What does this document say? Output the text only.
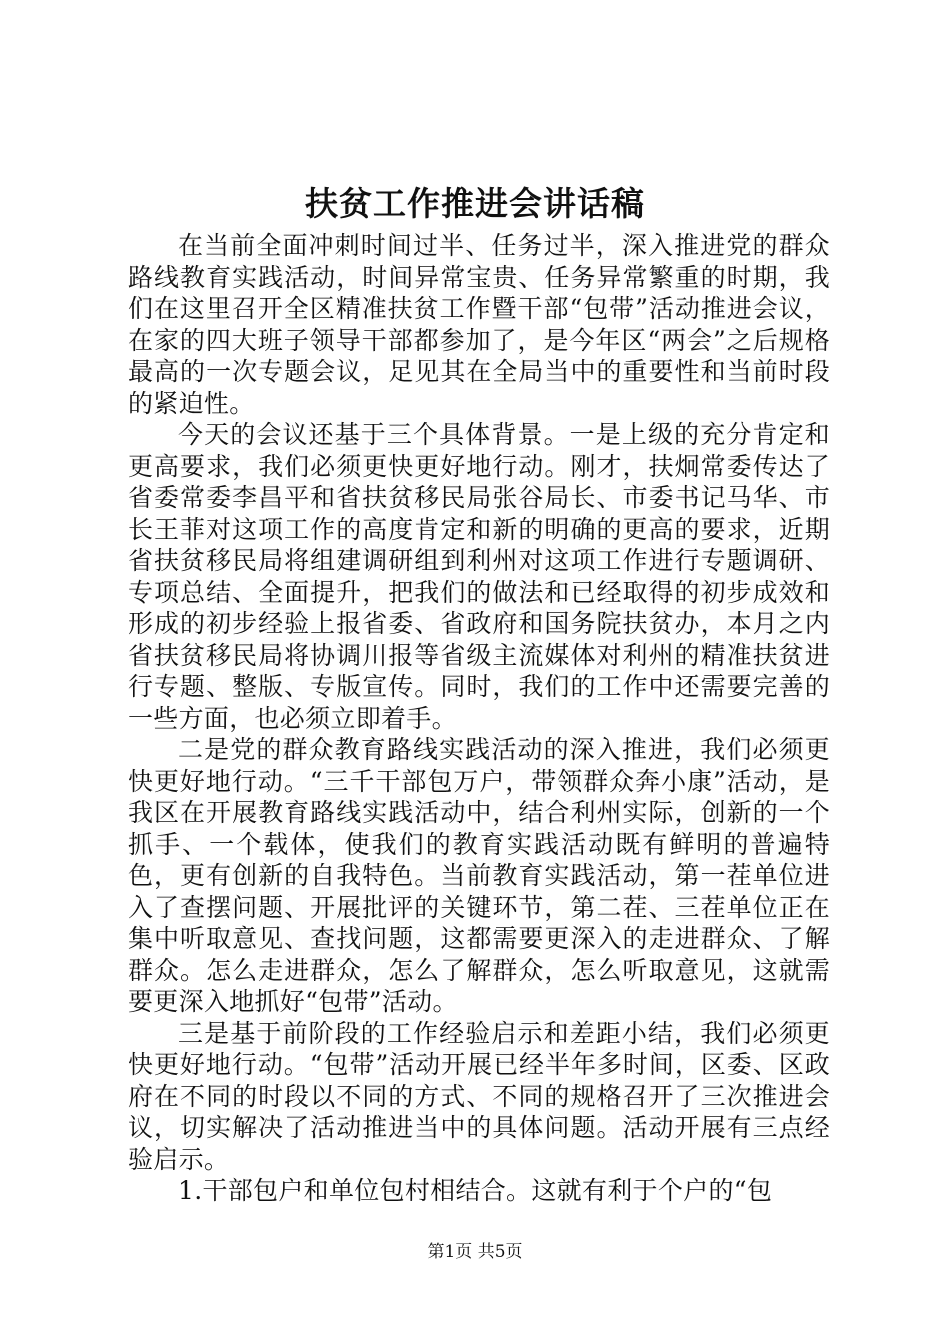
扶贫工作推进会讲话稿

在当前全面冲刺时间过半、任务过半，深入推进党的群众路线教育实践活动，时间异常宝贵、任务异常繁重的时期，我们在这里召开全区精准扶贫工作暨干部“包带”活动推进会议，在家的四大班子领导干部都参加了，是今年区“两会”之后规格最高的一次专题会议，足见其在全局当中的重要性和当前时段的紧迫性。

今天的会议还基于三个具体背景。一是上级的充分肯定和更高要求，我们必须更快更好地行动。刚才，扶炯常委传达了省委常委李昌平和省扶贫移民局张谷局长、市委书记马华、市长王菲对这项工作的高度肯定和新的明确的更高的要求，近期省扶贫移民局将组建调研组到利州对这项工作进行专题调研、专项总结、全面提升，把我们的做法和已经取得的初步成效和形成的初步经验上报省委、省政府和国务院扶贫办，本月之内省扶贫移民局将协调川报等省级主流媒体对利州的精准扶贫进行专题、整版、专版宣传。同时，我们的工作中还需要完善的一些方面，也必须立即着手。

二是党的群众教育路线实践活动的深入推进，我们必须更快更好地行动。“三千干部包万户，带领群众奔小康”活动，是我区在开展教育路线实践活动中，结合利州实际，创新的一个抓手、一个载体，使我们的教育实践活动既有鲜明的普遍特色，更有创新的自我特色。当前教育实践活动，第一茬单位进入了查摆问题、开展批评的关键环节，第二茬、三茬单位正在集中听取意见、查找问题，这都需要更深入的走进群众、了解群众。怎么走进群众，怎么了解群众，怎么听取意见，这就需要更深入地抓好“包带”活动。

三是基于前阶段的工作经验启示和差距小结，我们必须更快更好地行动。“包带”活动开展已经半年多时间，区委、区政府在不同的时段以不同的方式、不同的规格召开了三次推进会议，切实解决了活动推进当中的具体问题。活动开展有三点经验启示。

1.干部包户和单位包村相结合。这就有利于个户的“包

第1页 共5页
